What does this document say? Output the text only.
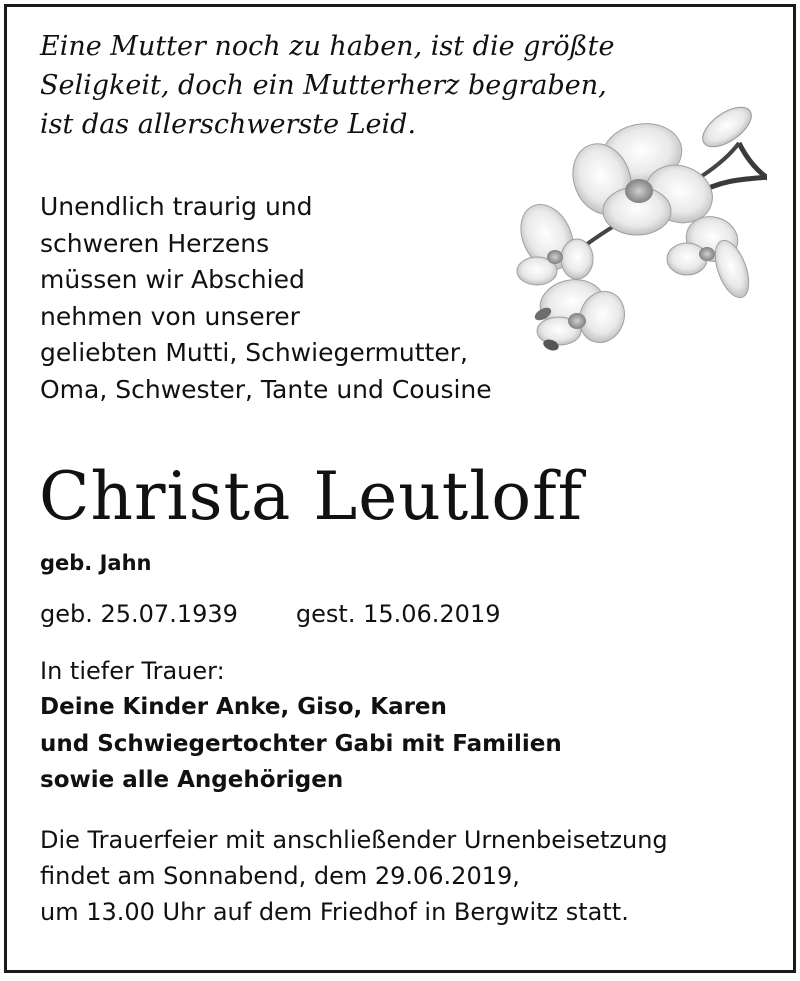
Eine Mutter noch zu haben, ist die größte
Seligkeit, doch ein Mutterherz begraben,
ist das allerschwerste Leid.
Unendlich traurig und
schweren Herzens
müssen wir Abschied
nehmen von unserer
geliebten Mutti, Schwiegermutter,
Oma, Schwester, Tante und Cousine
Christa Leutloff
geb. Jahn
geb. 25.07.1939 gest. 15.06.2019
In tiefer Trauer:
Deine Kinder Anke, Giso, Karen
und Schwiegertochter Gabi mit Familien
sowie alle Angehörigen
Die Trauerfeier mit anschließender Urnenbeisetzung
findet am Sonnabend, dem 29.06.2019,
um 13.00 Uhr auf dem Friedhof in Bergwitz statt.
